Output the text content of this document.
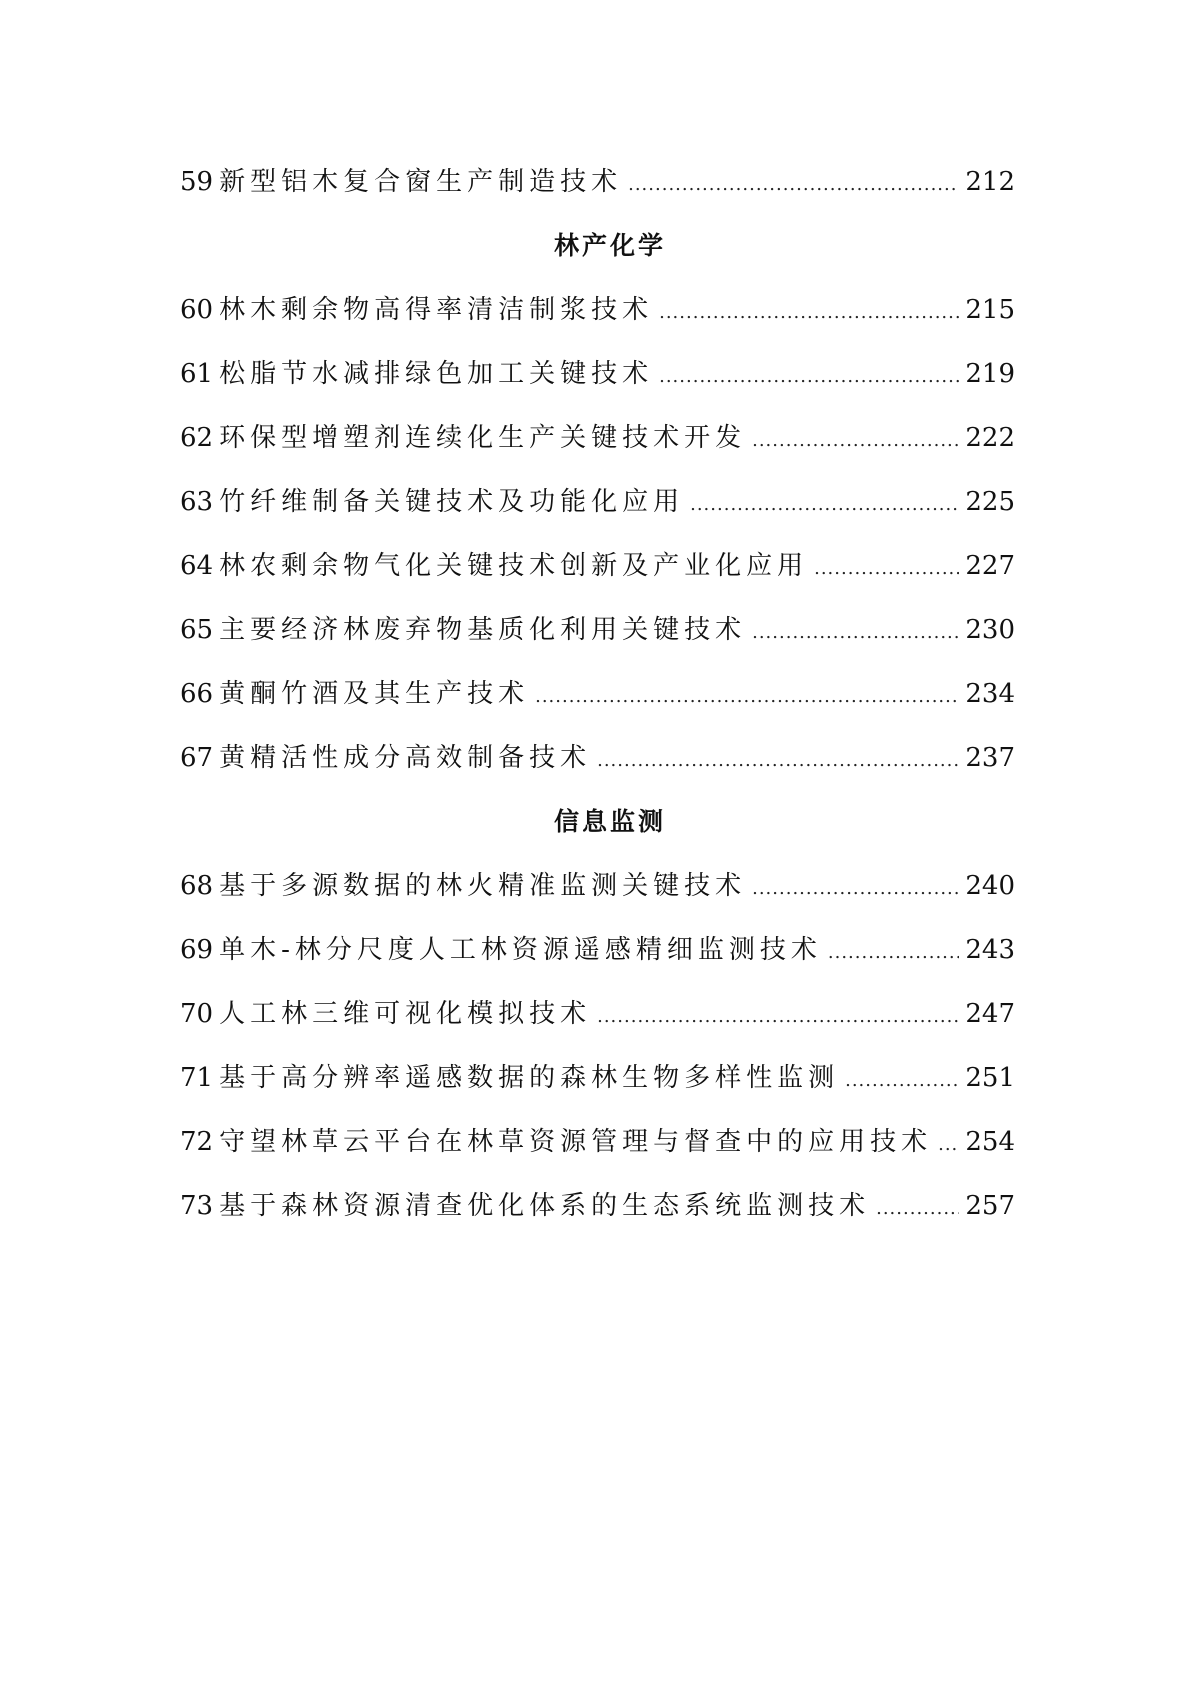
59 新型铝木复合窗生产制造技术 .....	212
林产化学
60 林木剩余物高得率清洁制浆技术 .....	215
61 松脂节水减排绿色加工关键技术 .....	219
62 环保型增塑剂连续化生产关键技术开发 .....	222
63 竹纤维制备关键技术及功能化应用 .....	225
64 林农剩余物气化关键技术创新及产业化应用 .....	227
65 主要经济林废弃物基质化利用关键技术 .....	230
66 黄酮竹酒及其生产技术 .....	234
67 黄精活性成分高效制备技术 .....	237
信息监测
68 基于多源数据的林火精准监测关键技术 .....	240
69 单木-林分尺度人工林资源遥感精细监测技术 .....	243
70 人工林三维可视化模拟技术 .....	247
71 基于高分辨率遥感数据的森林生物多样性监测 .....	251
72 守望林草云平台在林草资源管理与督查中的应用技术 ..... 254
73 基于森林资源清查优化体系的生态系统监测技术 .....	257
